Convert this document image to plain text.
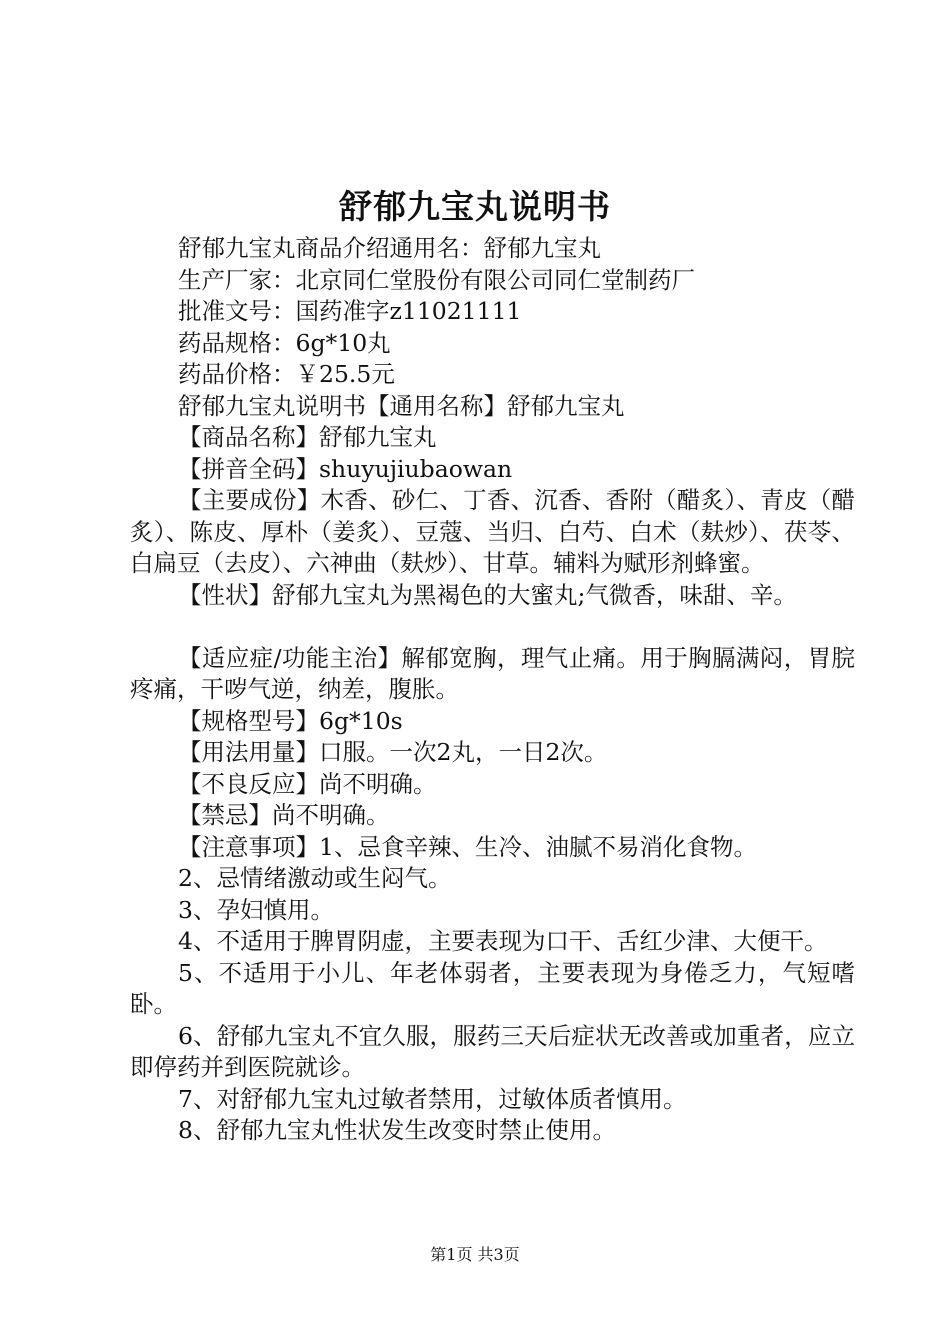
舒郁九宝丸说明书

舒郁九宝丸商品介绍通用名：舒郁九宝丸

生产厂家：北京同仁堂股份有限公司同仁堂制药厂

批准文号：国药准字z11021111

药品规格：6g*10丸

药品价格：￥25.5元

舒郁九宝丸说明书【通用名称】舒郁九宝丸

【商品名称】舒郁九宝丸

【拼音全码】shuyujiubaowan

【主要成份】木香、砂仁、丁香、沉香、香附（醋炙）、青皮（醋炙）、陈皮、厚朴（姜炙）、豆蔻、当归、白芍、白术（麸炒）、茯苓、白扁豆（去皮）、六神曲（麸炒）、甘草。辅料为赋形剂蜂蜜。

【性状】舒郁九宝丸为黑褐色的大蜜丸;气微香，味甜、辛。

【适应症/功能主治】解郁宽胸，理气止痛。用于胸膈满闷，胃脘疼痛，干哕气逆，纳差，腹胀。

【规格型号】6g*10s

【用法用量】口服。一次2丸，一日2次。

【不良反应】尚不明确。

【禁忌】尚不明确。

【注意事项】1、忌食辛辣、生冷、油腻不易消化食物。

2、忌情绪激动或生闷气。

3、孕妇慎用。

4、不适用于脾胃阴虚，主要表现为口干、舌红少津、大便干。

5、不适用于小儿、年老体弱者，主要表现为身倦乏力，气短嗜卧。

6、舒郁九宝丸不宜久服，服药三天后症状无改善或加重者，应立即停药并到医院就诊。

7、对舒郁九宝丸过敏者禁用，过敏体质者慎用。

8、舒郁九宝丸性状发生改变时禁止使用。

第1页 共3页
